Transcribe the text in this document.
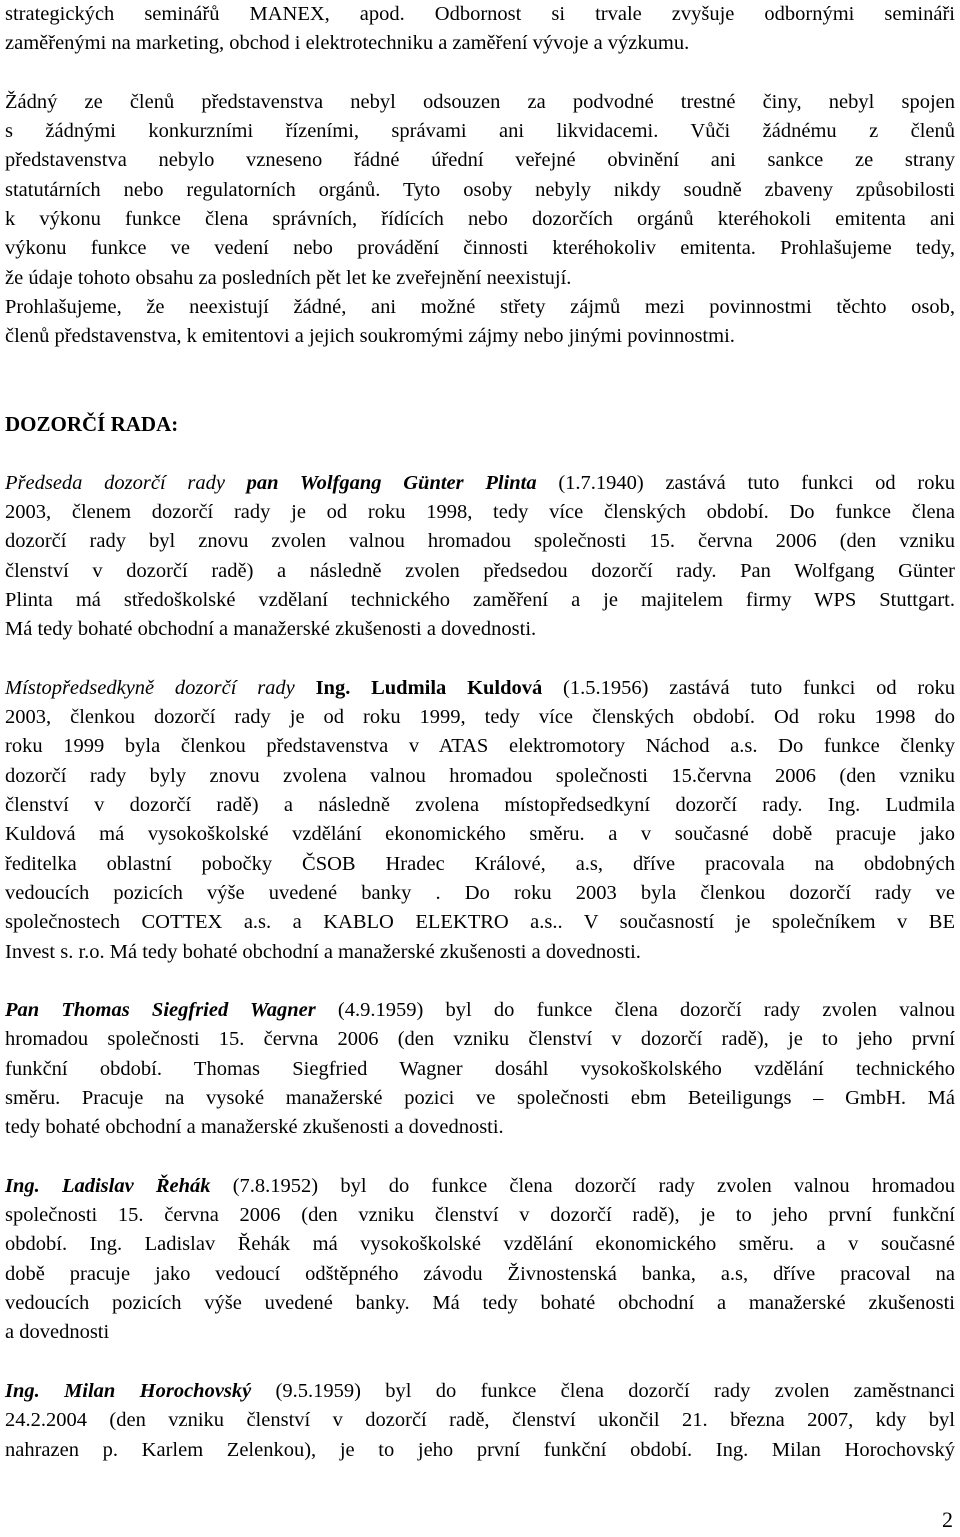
strategických seminářů MANEX, apod. Odbornost si trvale zvyšuje odbornými semináři
zaměřenými na marketing, obchod i elektrotechniku a zaměření vývoje a výzkumu.
Žádný ze členů představenstva nebyl odsouzen za podvodné trestné činy, nebyl spojen
s žádnými konkurzními řízeními, správami ani likvidacemi. Vůči žádnému z členů
představenstva nebylo vzneseno řádné úřední veřejné obvinění ani sankce ze strany
statutárních nebo regulatorních orgánů. Tyto osoby nebyly nikdy soudně zbaveny způsobilosti
k výkonu funkce člena správních, řídících nebo dozorčích orgánů kteréhokoli emitenta ani
výkonu funkce ve vedení nebo provádění činnosti kteréhokoliv emitenta. Prohlašujeme tedy,
že údaje tohoto obsahu za posledních pět let ke zveřejnění neexistují.
Prohlašujeme, že neexistují žádné, ani možné střety zájmů mezi povinnostmi těchto osob,
členů představenstva, k emitentovi a jejich soukromými zájmy nebo jinými povinnostmi.
DOZORČÍ RADA:
Předseda dozorčí rady pan Wolfgang Günter Plinta (1.7.1940) zastává tuto funkci od roku
2003, členem dozorčí rady je od roku 1998, tedy více členských období. Do funkce člena
dozorčí rady byl znovu zvolen valnou hromadou společnosti 15. června 2006 (den vzniku
členství v dozorčí radě) a následně zvolen předsedou dozorčí rady. Pan Wolfgang Günter
Plinta má středoškolské vzdělaní technického zaměření a je majitelem firmy WPS Stuttgart.
Má tedy bohaté obchodní a manažerské zkušenosti a dovednosti.
Místopředsedkyně dozorčí rady Ing. Ludmila Kuldová (1.5.1956) zastává tuto funkci od roku
2003, členkou dozorčí rady je od roku 1999, tedy více členských období. Od roku 1998 do
roku 1999 byla členkou představenstva v ATAS elektromotory Náchod a.s. Do funkce členky
dozorčí rady byly znovu zvolena valnou hromadou společnosti 15.června 2006 (den vzniku
členství v dozorčí radě) a následně zvolena místopředsedkyní dozorčí rady. Ing. Ludmila
Kuldová má vysokoškolské vzdělání ekonomického směru. a v současné době pracuje jako
ředitelka oblastní pobočky ČSOB Hradec Králové, a.s, dříve pracovala na obdobných
vedoucích pozicích výše uvedené banky . Do roku 2003 byla členkou dozorčí rady ve
společnostech COTTEX a.s. a KABLO ELEKTRO a.s.. V současností je společníkem v BE
Invest s. r.o. Má tedy bohaté obchodní a manažerské zkušenosti a dovednosti.
Pan Thomas Siegfried Wagner (4.9.1959) byl do funkce člena dozorčí rady zvolen valnou
hromadou společnosti 15. června 2006 (den vzniku členství v dozorčí radě), je to jeho první
funkční období. Thomas Siegfried Wagner dosáhl vysokoškolského vzdělání technického
směru. Pracuje na vysoké manažerské pozici ve společnosti ebm Beteiligungs – GmbH. Má
tedy bohaté obchodní a manažerské zkušenosti a dovednosti.
Ing. Ladislav Řehák (7.8.1952) byl do funkce člena dozorčí rady zvolen valnou hromadou
společnosti 15. června 2006 (den vzniku členství v dozorčí radě), je to jeho první funkční
období. Ing. Ladislav Řehák má vysokoškolské vzdělání ekonomického směru. a v současné
době pracuje jako vedoucí odštěpného závodu Živnostenská banka, a.s, dříve pracoval na
vedoucích pozicích výše uvedené banky. Má tedy bohaté obchodní a manažerské zkušenosti
a dovednosti
Ing. Milan Horochovský (9.5.1959) byl do funkce člena dozorčí rady zvolen zaměstnanci
24.2.2004 (den vzniku členství v dozorčí radě, členství ukončil 21. března 2007, kdy byl
nahrazen p. Karlem Zelenkou), je to jeho první funkční období. Ing. Milan Horochovský
2
